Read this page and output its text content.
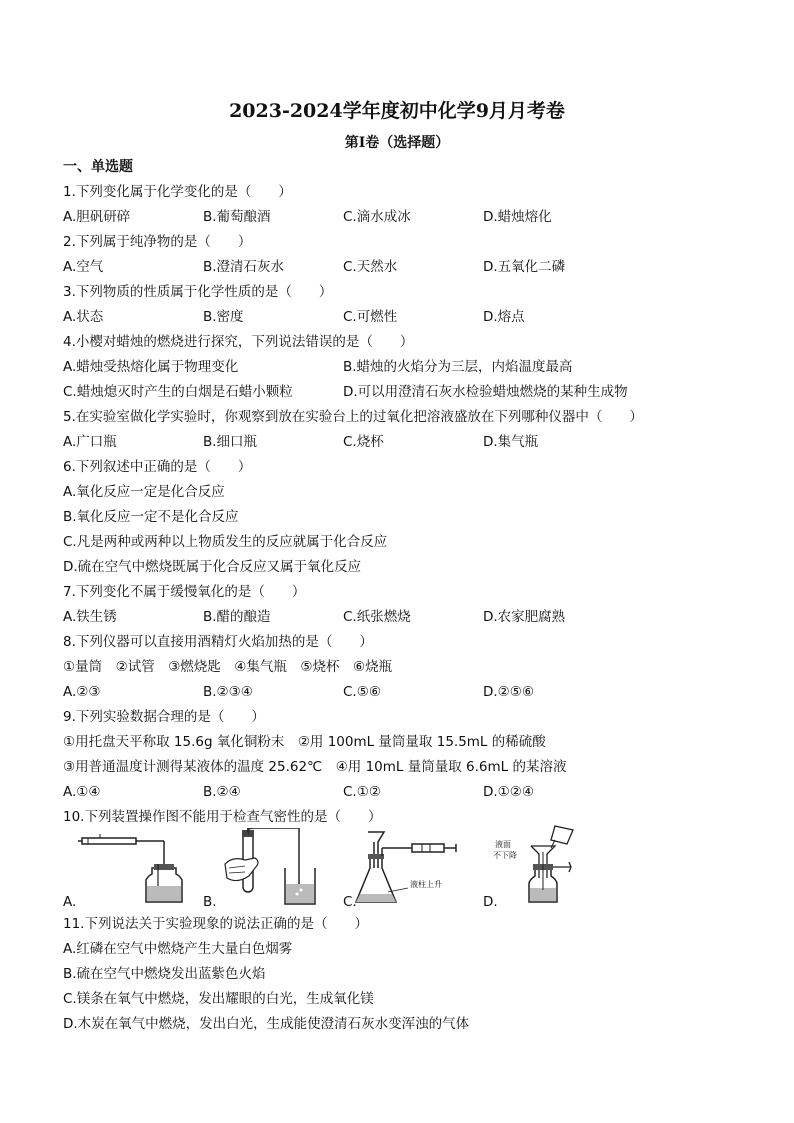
2023-2024学年度初中化学9月月考卷
第Ⅰ卷（选择题）
一、单选题
1.下列变化属于化学变化的是（　　）
A.胆矾研碎	B.葡萄酿酒	C.滴水成冰	D.蜡烛熔化
2.下列属于纯净物的是（　　）
A.空气	B.澄清石灰水	C.天然水	D.五氧化二磷
3.下列物质的性质属于化学性质的是（　　）
A.状态	B.密度	C.可燃性	D.熔点
4.小樱对蜡烛的燃烧进行探究，下列说法错误的是（　　）
A.蜡烛受热熔化属于物理变化	B.蜡烛的火焰分为三层，内焰温度最高
C.蜡烛熄灭时产生的白烟是石蜡小颗粒	D.可以用澄清石灰水检验蜡烛燃烧的某种生成物
5.在实验室做化学实验时，你观察到放在实验台上的过氧化把溶液盛放在下列哪种仪器中（　　）
A.广口瓶	B.细口瓶	C.烧杯	D.集气瓶
6.下列叙述中正确的是（　　）
A.氧化反应一定是化合反应
B.氧化反应一定不是化合反应
C.凡是两种或两种以上物质发生的反应就属于化合反应
D.硫在空气中燃烧既属于化合反应又属于氧化反应
7.下列变化不属于缓慢氧化的是（　　）
A.铁生锈	B.醋的酿造	C.纸张燃烧	D.农家肥腐熟
8.下列仪器可以直接用酒精灯火焰加热的是（　　）
①量筒　②试管　③燃烧匙　④集气瓶　⑤烧杯　⑥烧瓶
A.②③	B.②③④	C.⑤⑥	D.②⑤⑥
9.下列实验数据合理的是（　　）
①用托盘天平称取 15.6g 氧化铜粉末　②用 100mL 量筒量取 15.5mL 的稀硫酸
③用普通温度计测得某液体的温度 25.62℃　④用 10mL 量筒量取 6.6mL 的某溶液
A.①④	B.②④	C.①②	D.①②④
10.下列装置操作图不能用于检查气密性的是（　　）
A.	B.
液柱上升
C.
液面
不下降
D.
11.下列说法关于实验现象的说法正确的是（　　）
A.红磷在空气中燃烧产生大量白色烟雾
B.硫在空气中燃烧发出蓝紫色火焰
C.镁条在氧气中燃烧，发出耀眼的白光，生成氧化镁
D.木炭在氧气中燃烧，发出白光，生成能使澄清石灰水变浑浊的气体
